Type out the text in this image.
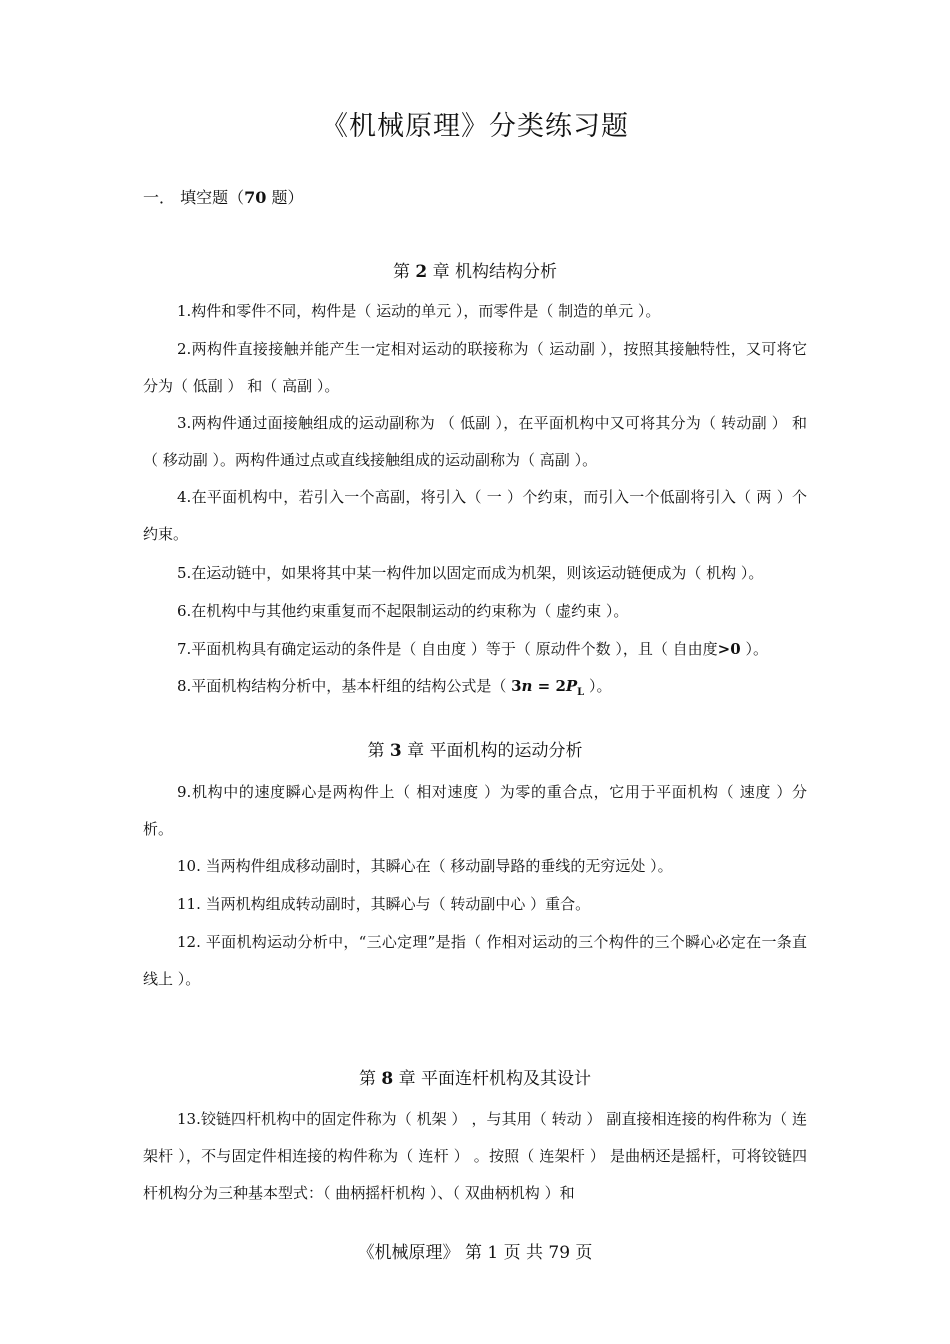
《机械原理》分类练习题
一． 填空题（70 题）
第 2 章 机构结构分析
1.构件和零件不同，构件是（ 运动的单元 ），而零件是（ 制造的单元 ）。
2.两构件直接接触并能产生一定相对运动的联接称为（ 运动副 ），按照其接触特性，又可将它分为（ 低副 ） 和（ 高副 ）。
3.两构件通过面接触组成的运动副称为 （ 低副 ），在平面机构中又可将其分为（ 转动副 ） 和（ 移动副 ）。两构件通过点或直线接触组成的运动副称为（ 高副 ）。
4.在平面机构中，若引入一个高副，将引入（ 一 ）个约束，而引入一个低副将引入（ 两 ）个约束。
5.在运动链中，如果将其中某一构件加以固定而成为机架，则该运动链便成为（ 机构 ）。
6.在机构中与其他约束重复而不起限制运动的约束称为（ 虚约束 ）。
7.平面机构具有确定运动的条件是（ 自由度 ）等于（ 原动件个数 ），且（ 自由度>0 ）。
8.平面机构结构分析中，基本杆组的结构公式是（ $3n = 2P_L$ ）。
第 3 章 平面机构的运动分析
9.机构中的速度瞬心是两构件上（ 相对速度 ）为零的重合点，它用于平面机构（ 速度 ）分析。
10. 当两构件组成移动副时，其瞬心在（ 移动副导路的垂线的无穷远处 ）。
11. 当两机构组成转动副时，其瞬心与（ 转动副中心 ）重合。
12. 平面机构运动分析中，“三心定理”是指（ 作相对运动的三个构件的三个瞬心必定在一条直线上 ）。
第 8 章 平面连杆机构及其设计
13.铰链四杆机构中的固定件称为（ 机架 ） ，与其用（ 转动 ） 副直接相连接的构件称为（ 连架杆 ），不与固定件相连接的构件称为（ 连杆 ） 。按照（ 连架杆 ） 是曲柄还是摇杆，可将铰链四杆机构分为三种基本型式：（ 曲柄摇杆机构 ）、（ 双曲柄机构 ）和
《机械原理》 第 1 页 共 79 页
